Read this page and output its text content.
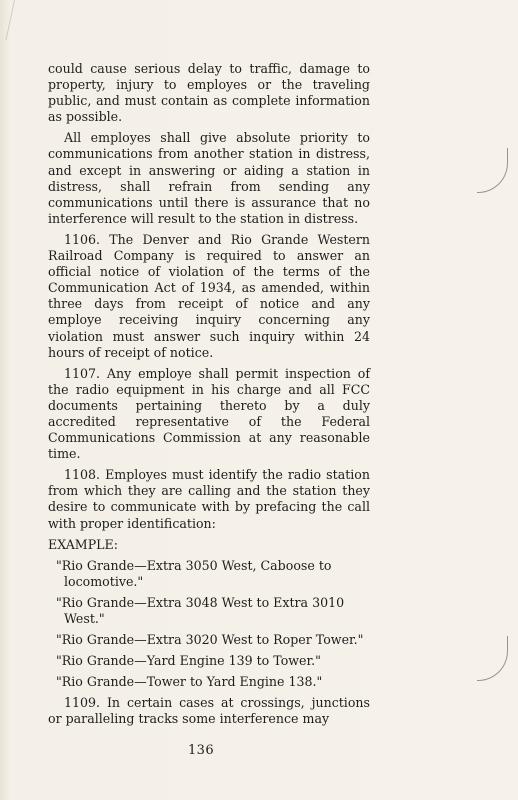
could cause serious delay to traffic, damage to property, injury to employes or the traveling public, and must contain as complete information as possible.

All employes shall give absolute priority to communications from another station in distress, and except in answering or aiding a station in distress, shall refrain from sending any communications until there is assurance that no interference will result to the station in distress.

1106. The Denver and Rio Grande Western Railroad Company is required to answer an official notice of violation of the terms of the Communication Act of 1934, as amended, within three days from receipt of notice and any employe receiving inquiry concerning any violation must answer such inquiry within 24 hours of receipt of notice.

1107. Any employe shall permit inspection of the radio equipment in his charge and all FCC documents pertaining thereto by a duly accredited representative of the Federal Communications Commission at any reasonable time.

1108. Employes must identify the radio station from which they are calling and the station they desire to communicate with by prefacing the call with proper identification:

EXAMPLE:

"Rio Grande—Extra 3050 West, Caboose to locomotive."

"Rio Grande—Extra 3048 West to Extra 3010 West."

"Rio Grande—Extra 3020 West to Roper Tower."

"Rio Grande—Yard Engine 139 to Tower."

"Rio Grande—Tower to Yard Engine 138."

1109. In certain cases at crossings, junctions or paralleling tracks some interference may

136
